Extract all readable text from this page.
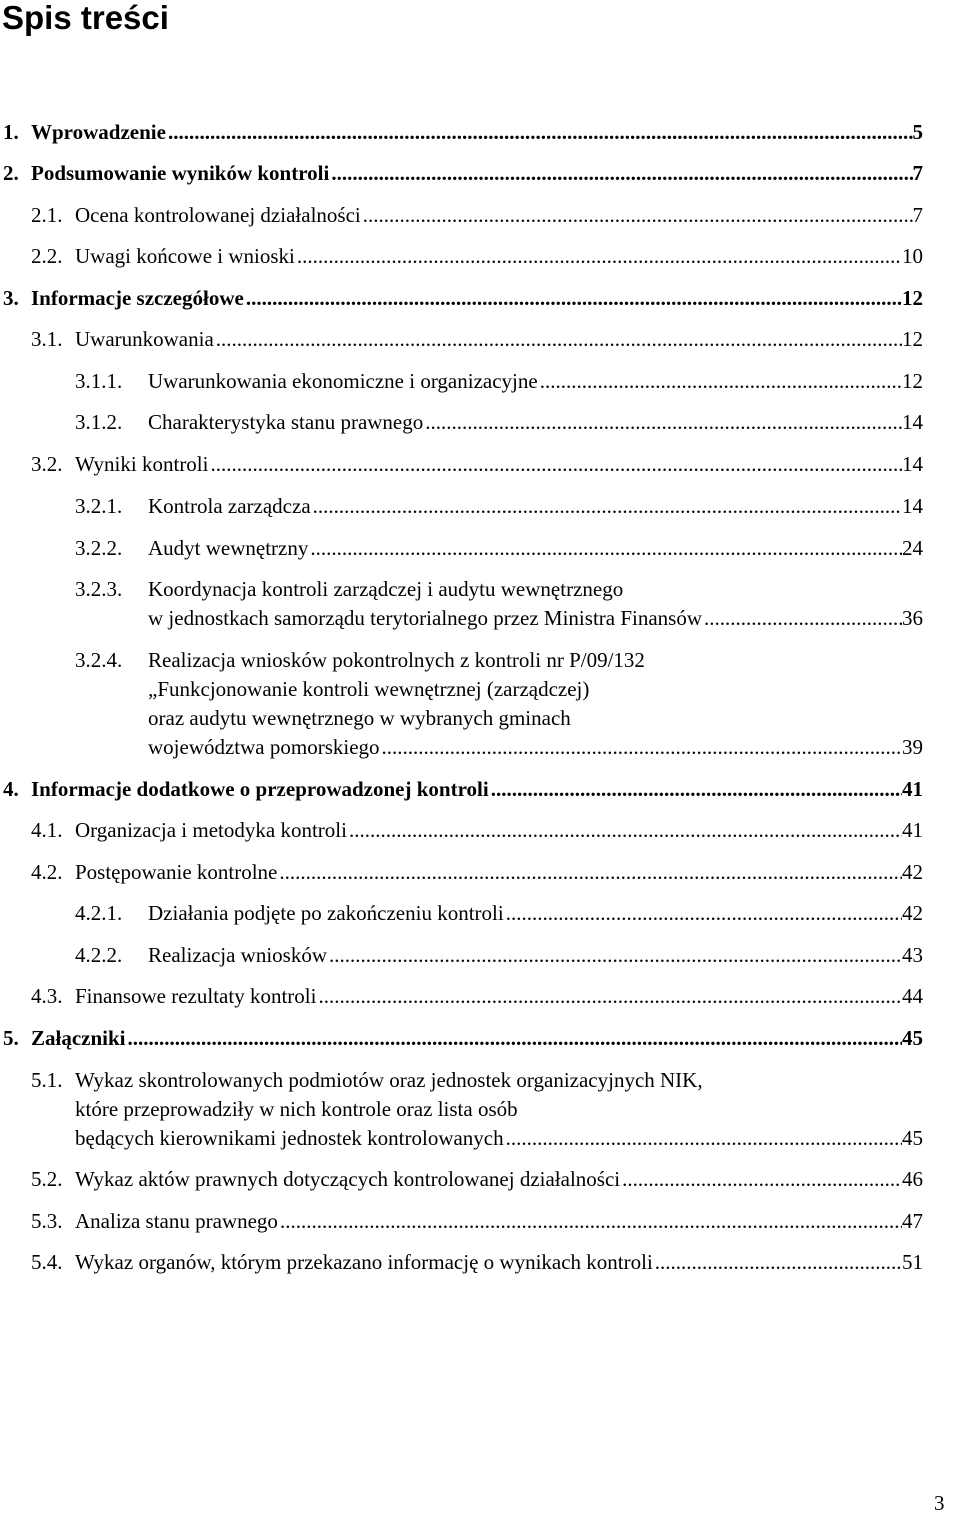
Spis treści
1. Wprowadzenie .....	5
2. Podsumowanie wyników kontroli .....	7
2.1. Ocena kontrolowanej działalności .....	7
2.2. Uwagi końcowe i wnioski .....	10
3. Informacje szczegółowe .....	12
3.1. Uwarunkowania .....	12
3.1.1. Uwarunkowania ekonomiczne i organizacyjne .....	12
3.1.2. Charakterystyka stanu prawnego .....	14
3.2. Wyniki kontroli .....	14
3.2.1. Kontrola zarządcza .....	14
3.2.2. Audyt wewnętrzny .....	24
3.2.3. Koordynacja kontroli zarządczej i audytu wewnętrznego
w jednostkach samorządu terytorialnego przez Ministra Finansów .....	36
3.2.4. Realizacja wniosków pokontrolnych z kontroli nr P/09/132
„Funkcjonowanie kontroli wewnętrznej (zarządczej)
oraz audytu wewnętrznego w wybranych gminach
województwa pomorskiego .....	39
4. Informacje dodatkowe o przeprowadzonej kontroli .....	41
4.1. Organizacja i metodyka kontroli .....	41
4.2. Postępowanie kontrolne .....	42
4.2.1. Działania podjęte po zakończeniu kontroli .....	42
4.2.2. Realizacja wniosków .....	43
4.3. Finansowe rezultaty kontroli .....	44
5. Załączniki .....	45
5.1. Wykaz skontrolowanych podmiotów oraz jednostek organizacyjnych NIK,
które przeprowadziły w nich kontrole oraz lista osób
będących kierownikami jednostek kontrolowanych .....	45
5.2. Wykaz aktów prawnych dotyczących kontrolowanej działalności .....	46
5.3. Analiza stanu prawnego .....	47
5.4. Wykaz organów, którym przekazano informację o wynikach kontroli .....	51
3
